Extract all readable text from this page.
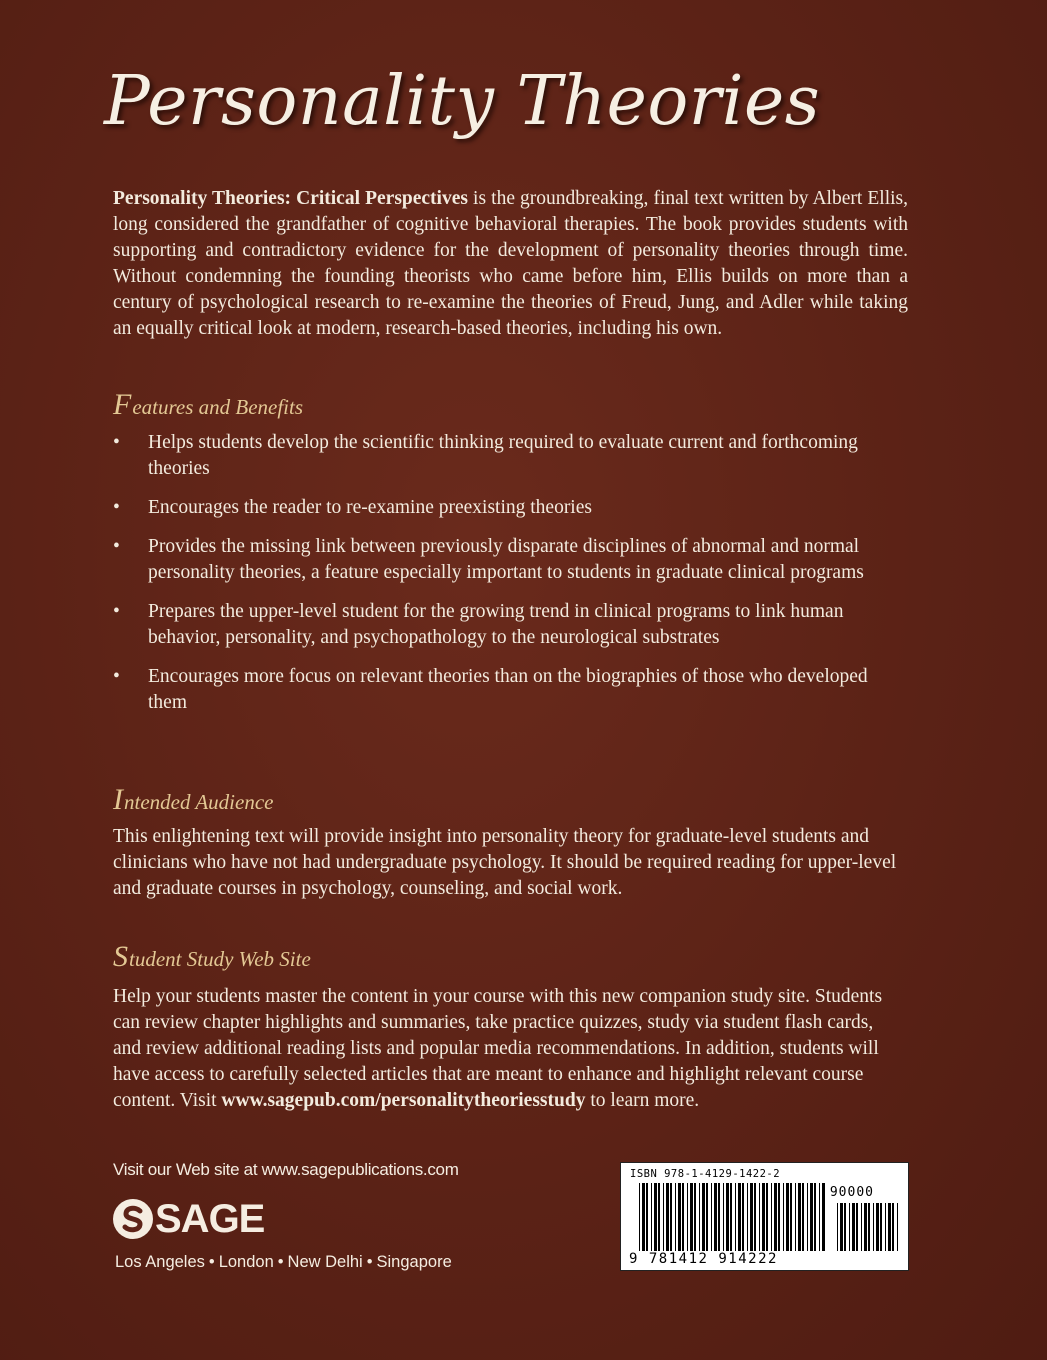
Personality Theories
Personality Theories: Critical Perspectives is the groundbreaking, final text written by Albert Ellis, long considered the grandfather of cognitive behavioral therapies. The book provides students with supporting and contradictory evidence for the development of personality theories through time. Without condemning the founding theorists who came before him, Ellis builds on more than a century of psychological research to re-examine the theories of Freud, Jung, and Adler while taking an equally critical look at modern, research-based theories, including his own.
Features and Benefits
• Helps students develop the scientific thinking required to evaluate current and forthcoming theories
• Encourages the reader to re-examine preexisting theories
• Provides the missing link between previously disparate disciplines of abnormal and normal personality theories, a feature especially important to students in graduate clinical programs
• Prepares the upper-level student for the growing trend in clinical programs to link human behavior, personality, and psychopathology to the neurological substrates
• Encourages more focus on relevant theories than on the biographies of those who developed them
Intended Audience
This enlightening text will provide insight into personality theory for graduate-level students and clinicians who have not had undergraduate psychology. It should be required reading for upper-level and graduate courses in psychology, counseling, and social work.
Student Study Web Site
Help your students master the content in your course with this new companion study site. Students can review chapter highlights and summaries, take practice quizzes, study via student flash cards, and review additional reading lists and popular media recommendations. In addition, students will have access to carefully selected articles that are meant to enhance and highlight relevant course content. Visit www.sagepub.com/personalitytheoriesstudy to learn more.
Visit our Web site at www.sagepublications.com
SAGE
Los Angeles • London • New Delhi • Singapore
ISBN 978-1-4129-1422-2
90000
9 781412 914222
